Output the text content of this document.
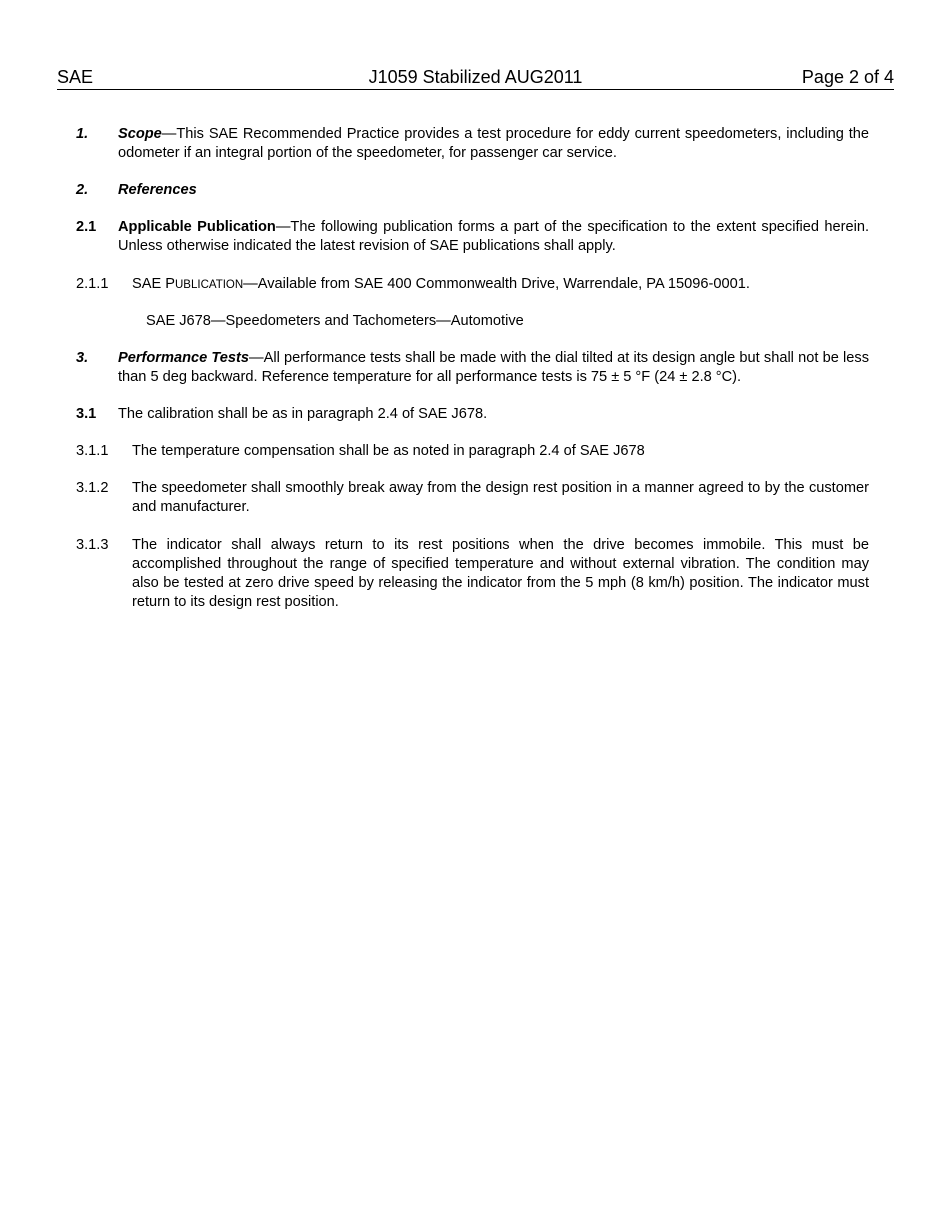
SAE	J1059 Stabilized AUG2011	Page 2 of 4
1. Scope—This SAE Recommended Practice provides a test procedure for eddy current speedometers, including the odometer if an integral portion of the speedometer, for passenger car service.
2. References
2.1 Applicable Publication—The following publication forms a part of the specification to the extent specified herein. Unless otherwise indicated the latest revision of SAE publications shall apply.
2.1.1 SAE PUBLICATION—Available from SAE 400 Commonwealth Drive, Warrendale, PA 15096-0001.
SAE J678—Speedometers and Tachometers—Automotive
3. Performance Tests—All performance tests shall be made with the dial tilted at its design angle but shall not be less than 5 deg backward. Reference temperature for all performance tests is 75 ± 5 °F (24 ± 2.8 °C).
3.1 The calibration shall be as in paragraph 2.4 of SAE J678.
3.1.1 The temperature compensation shall be as noted in paragraph 2.4 of SAE J678
3.1.2 The speedometer shall smoothly break away from the design rest position in a manner agreed to by the customer and manufacturer.
3.1.3 The indicator shall always return to its rest positions when the drive becomes immobile. This must be accomplished throughout the range of specified temperature and without external vibration. The condition may also be tested at zero drive speed by releasing the indicator from the 5 mph (8 km/h) position. The indicator must return to its design rest position.
